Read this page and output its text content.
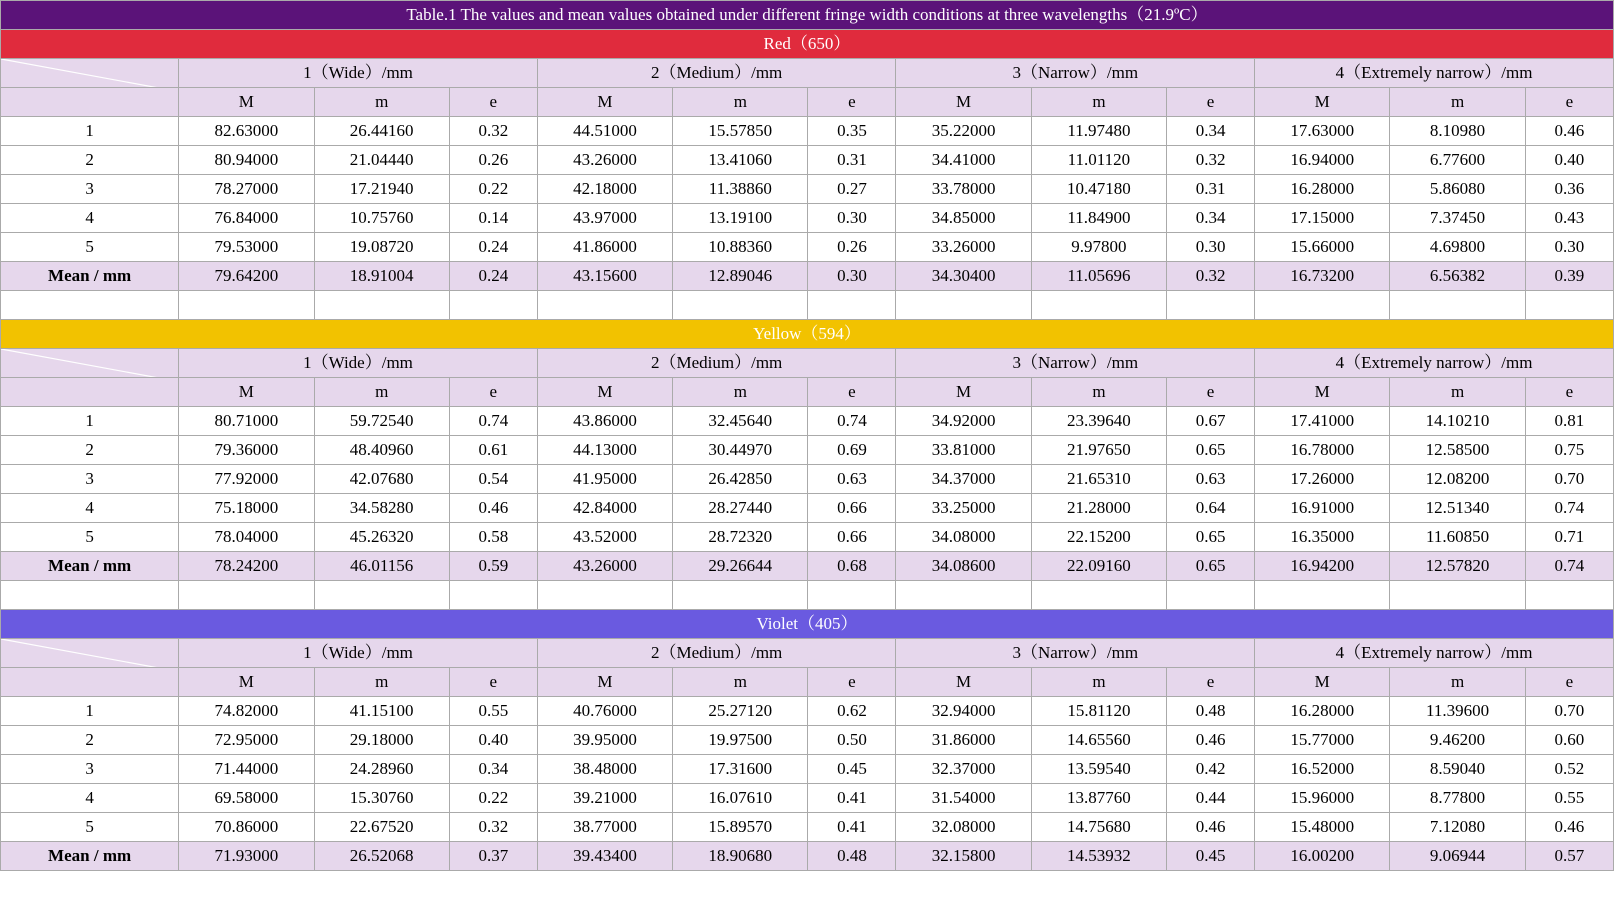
Table.1 The values and mean values obtained under different fringe width conditions at three wavelengths（21.9ºC）												
Red（650）												

	1（Wide）/mm			2（Medium）/mm			3（Narrow）/mm			4（Extremely narrow）/mm		
	M	m	e	M	m	e	M	m	e	M	m	e
1	82.63000	26.44160	0.32	44.51000	15.57850	0.35	35.22000	11.97480	0.34	17.63000	8.10980	0.46
2	80.94000	21.04440	0.26	43.26000	13.41060	0.31	34.41000	11.01120	0.32	16.94000	6.77600	0.40
3	78.27000	17.21940	0.22	42.18000	11.38860	0.27	33.78000	10.47180	0.31	16.28000	5.86080	0.36
4	76.84000	10.75760	0.14	43.97000	13.19100	0.30	34.85000	11.84900	0.34	17.15000	7.37450	0.43
5	79.53000	19.08720	0.24	41.86000	10.88360	0.26	33.26000	9.97800	0.30	15.66000	4.69800	0.30
Mean / mm	79.64200	18.91004	0.24	43.15600	12.89046	0.30	34.30400	11.05696	0.32	16.73200	6.56382	0.39

Yellow（594）												

	1（Wide）/mm			2（Medium）/mm			3（Narrow）/mm			4（Extremely narrow）/mm		
	M	m	e	M	m	e	M	m	e	M	m	e
1	80.71000	59.72540	0.74	43.86000	32.45640	0.74	34.92000	23.39640	0.67	17.41000	14.10210	0.81
2	79.36000	48.40960	0.61	44.13000	30.44970	0.69	33.81000	21.97650	0.65	16.78000	12.58500	0.75
3	77.92000	42.07680	0.54	41.95000	26.42850	0.63	34.37000	21.65310	0.63	17.26000	12.08200	0.70
4	75.18000	34.58280	0.46	42.84000	28.27440	0.66	33.25000	21.28000	0.64	16.91000	12.51340	0.74
5	78.04000	45.26320	0.58	43.52000	28.72320	0.66	34.08000	22.15200	0.65	16.35000	11.60850	0.71
Mean / mm	78.24200	46.01156	0.59	43.26000	29.26644	0.68	34.08600	22.09160	0.65	16.94200	12.57820	0.74

Violet（405）												

	1（Wide）/mm			2（Medium）/mm			3（Narrow）/mm			4（Extremely narrow）/mm		
	M	m	e	M	m	e	M	m	e	M	m	e
1	74.82000	41.15100	0.55	40.76000	25.27120	0.62	32.94000	15.81120	0.48	16.28000	11.39600	0.70
2	72.95000	29.18000	0.40	39.95000	19.97500	0.50	31.86000	14.65560	0.46	15.77000	9.46200	0.60
3	71.44000	24.28960	0.34	38.48000	17.31600	0.45	32.37000	13.59540	0.42	16.52000	8.59040	0.52
4	69.58000	15.30760	0.22	39.21000	16.07610	0.41	31.54000	13.87760	0.44	15.96000	8.77800	0.55
5	70.86000	22.67520	0.32	38.77000	15.89570	0.41	32.08000	14.75680	0.46	15.48000	7.12080	0.46
Mean / mm	71.93000	26.52068	0.37	39.43400	18.90680	0.48	32.15800	14.53932	0.45	16.00200	9.06944	0.57
